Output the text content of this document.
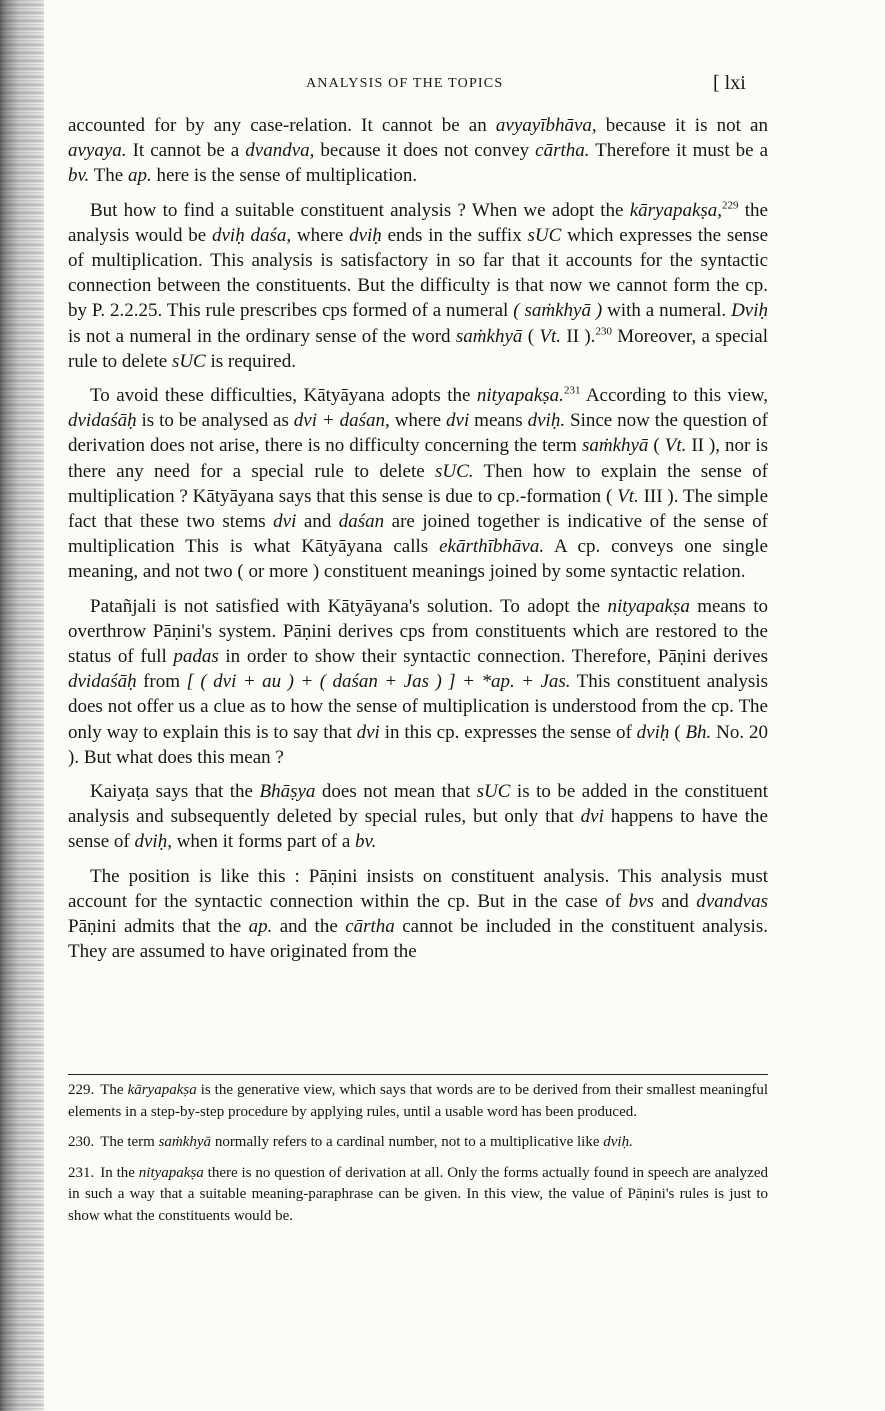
ANALYSIS OF THE TOPICS	[ lxi

accounted for by any case-relation. It cannot be an avyayībhāva, because it is not an avyaya. It cannot be a dvandva, because it does not convey cārtha. Therefore it must be a bv. The ap. here is the sense of multiplication.

But how to find a suitable constituent analysis ? When we adopt the kāryapakṣa,$^{229}$ the analysis would be dviḥ daśa, where dviḥ ends in the suffix sUC which expresses the sense of multiplication. This analysis is satisfactory in so far that it accounts for the syntactic connection between the constituents. But the difficulty is that now we cannot form the cp. by P. 2.2.25. This rule prescribes cps formed of a numeral ( saṁkhyā ) with a numeral. Dviḥ is not a numeral in the ordinary sense of the word saṁkhyā ( Vt. II ).$^{230}$ Moreover, a special rule to delete sUC is required.

To avoid these difficulties, Kātyāyana adopts the nityapakṣa.$^{231}$ According to this view, dvidaśāḥ is to be analysed as dvi + daśan, where dvi means dviḥ. Since now the question of derivation does not arise, there is no difficulty concerning the term saṁkhyā ( Vt. II ), nor is there any need for a special rule to delete sUC. Then how to explain the sense of multiplication ? Kātyāyana says that this sense is due to cp.-formation ( Vt. III ). The simple fact that these two stems dvi and daśan are joined together is indicative of the sense of multiplication This is what Kātyāyana calls ekārthībhāva. A cp. conveys one single meaning, and not two ( or more ) constituent meanings joined by some syntactic relation.

Patañjali is not satisfied with Kātyāyana's solution. To adopt the nityapakṣa means to overthrow Pāṇini's system. Pāṇini derives cps from constituents which are restored to the status of full padas in order to show their syntactic connection. Therefore, Pāṇini derives dvidaśāḥ from [ ( dvi + au ) + ( daśan + Jas ) ] + *ap. + Jas. This constituent analysis does not offer us a clue as to how the sense of multiplication is understood from the cp. The only way to explain this is to say that dvi in this cp. expresses the sense of dviḥ ( Bh. No. 20 ). But what does this mean ?

Kaiyaṭa says that the Bhāṣya does not mean that sUC is to be added in the constituent analysis and subsequently deleted by special rules, but only that dvi happens to have the sense of dviḥ, when it forms part of a bv.

The position is like this : Pāṇini insists on constituent analysis. This analysis must account for the syntactic connection within the cp. But in the case of bvs and dvandvas Pāṇini admits that the ap. and the cārtha cannot be included in the constituent analysis. They are assumed to have originated from the

229. The kāryapakṣa is the generative view, which says that words are to be derived from their smallest meaningful elements in a step-by-step procedure by applying rules, until a usable word has been produced.

230. The term saṁkhyā normally refers to a cardinal number, not to a multiplicative like dviḥ.

231. In the nityapakṣa there is no question of derivation at all. Only the forms actually found in speech are analyzed in such a way that a suitable meaning-paraphrase can be given. In this view, the value of Pāṇini's rules is just to show what the constituents would be.
